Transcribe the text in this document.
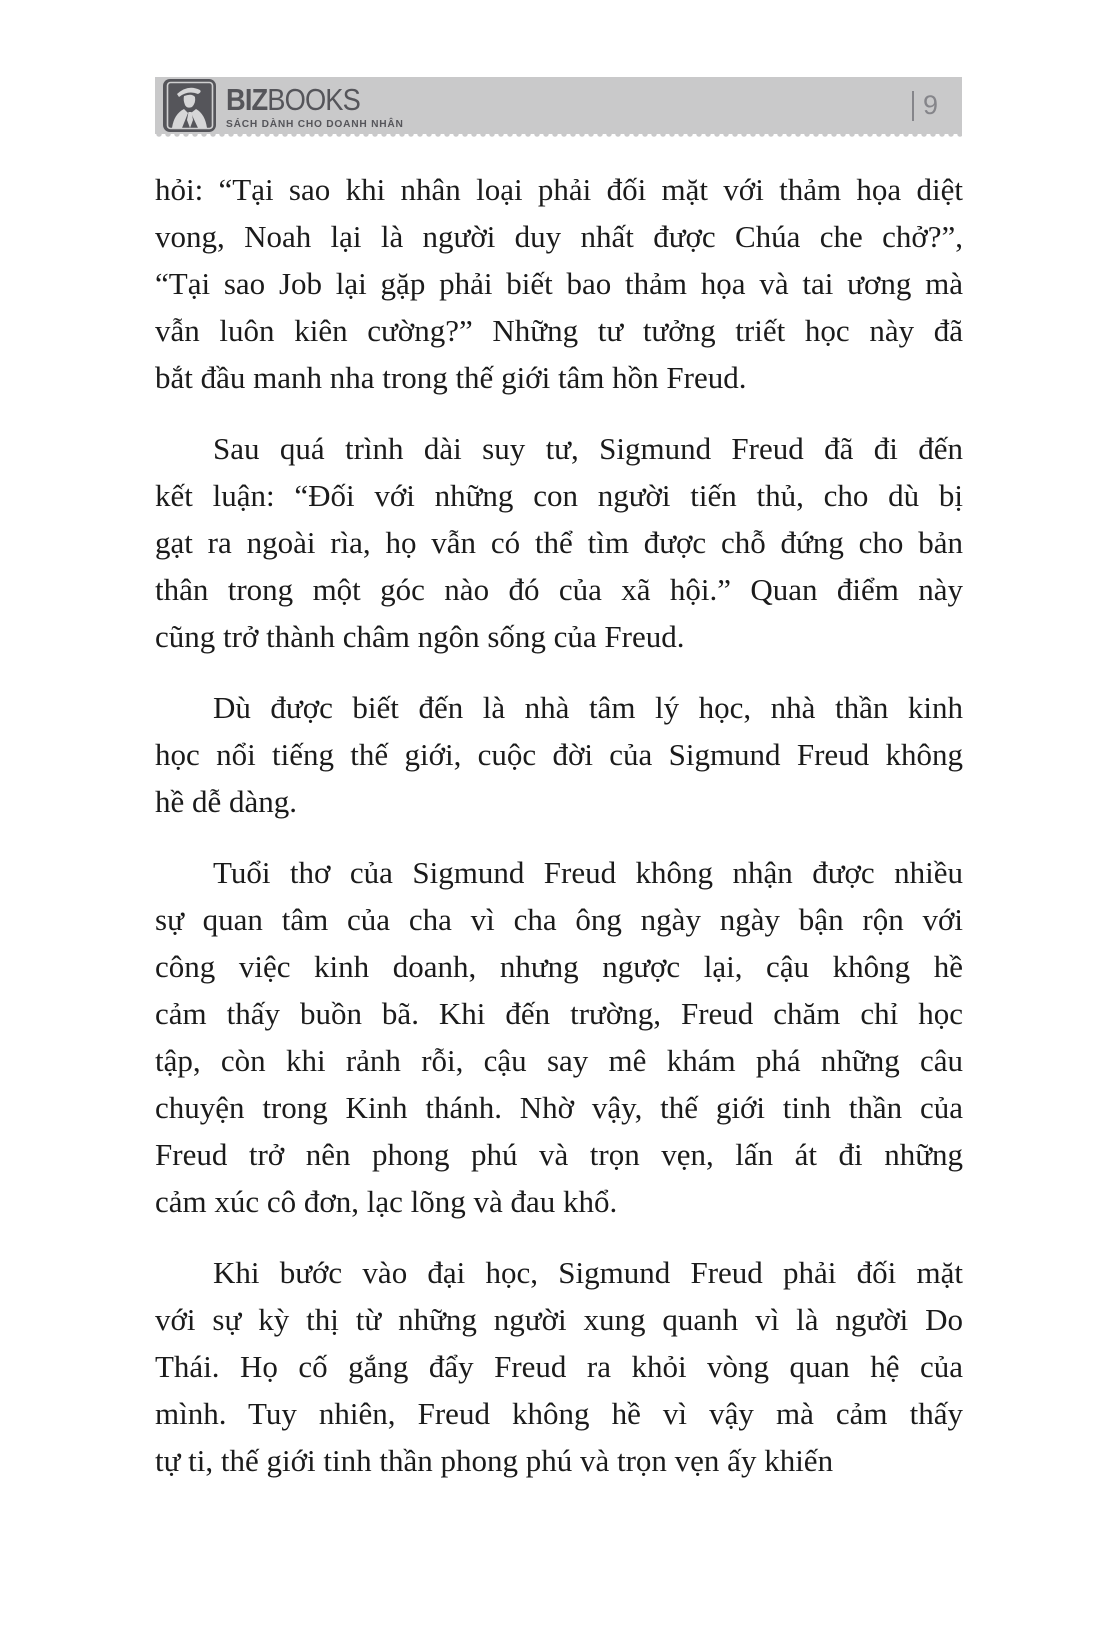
BIZBOOKS
SÁCH DÀNH CHO DOANH NHÂN
9
hỏi: “Tại sao khi nhân loại phải đối mặt với thảm họa diệt
vong, Noah lại là người duy nhất được Chúa che chở?”,
“Tại sao Job lại gặp phải biết bao thảm họa và tai ương mà
vẫn luôn kiên cường?” Những tư tưởng triết học này đã
bắt đầu manh nha trong thế giới tâm hồn Freud.
Sau quá trình dài suy tư, Sigmund Freud đã đi đến
kết luận: “Đối với những con người tiến thủ, cho dù bị
gạt ra ngoài rìa, họ vẫn có thể tìm được chỗ đứng cho bản
thân trong một góc nào đó của xã hội.” Quan điểm này
cũng trở thành châm ngôn sống của Freud.
Dù được biết đến là nhà tâm lý học, nhà thần kinh
học nổi tiếng thế giới, cuộc đời của Sigmund Freud không
hề dễ dàng.
Tuổi thơ của Sigmund Freud không nhận được nhiều
sự quan tâm của cha vì cha ông ngày ngày bận rộn với
công việc kinh doanh, nhưng ngược lại, cậu không hề
cảm thấy buồn bã. Khi đến trường, Freud chăm chỉ học
tập, còn khi rảnh rỗi, cậu say mê khám phá những câu
chuyện trong Kinh thánh. Nhờ vậy, thế giới tinh thần của
Freud trở nên phong phú và trọn vẹn, lấn át đi những
cảm xúc cô đơn, lạc lõng và đau khổ.
Khi bước vào đại học, Sigmund Freud phải đối mặt
với sự kỳ thị từ những người xung quanh vì là người Do
Thái. Họ cố gắng đẩy Freud ra khỏi vòng quan hệ của
mình. Tuy nhiên, Freud không hề vì vậy mà cảm thấy
tự ti, thế giới tinh thần phong phú và trọn vẹn ấy khiến
